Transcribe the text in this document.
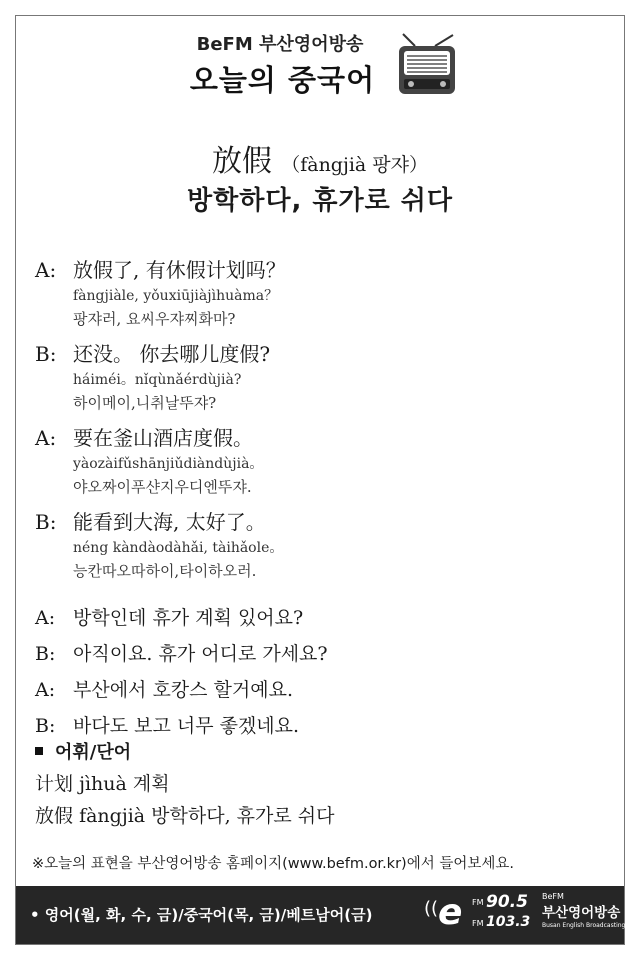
BeFM 부산영어방송
오늘의 중국어
放假 （fàngjià 팡쟈）
방학하다, 휴가로 쉬다
A: 放假了, 有休假计划吗？
fàngjiàle, yǒuxiūjiàjìhuàma？
팡쟈러, 요씨우쟈찌화마?
B: 还没。 你去哪儿度假?
háiméi。nǐqùnǎérdùjià?
하이메이,니취날뚜쟈?
A: 要在釜山酒店度假。
yàozàifǔshānjiǔdiàndùjià。
야오짜이푸샨지우디엔뚜쟈.
B: 能看到大海, 太好了。
néng kàndàodàhǎi, tàihǎole。
능칸따오따하이,타이하오러.
A: 방학인데 휴가 계획 있어요?
B: 아직이요. 휴가 어디로 가세요?
A: 부산에서 호캉스 할거예요.
B: 바다도 보고 너무 좋겠네요.
어휘/단어
计划 jìhuà 계획
放假 fàngjià 방학하다, 휴가로 쉬다
※오늘의 표현을 부산영어방송 홈페이지(www.befm.or.kr)에서 들어보세요.
• 영어(월, 화, 수, 금)/중국어(목, 금)/베트남어(금)	(( e FM 90.5
FM 103.3
BeFM
부산영어방송
Busan English Broadcasting
